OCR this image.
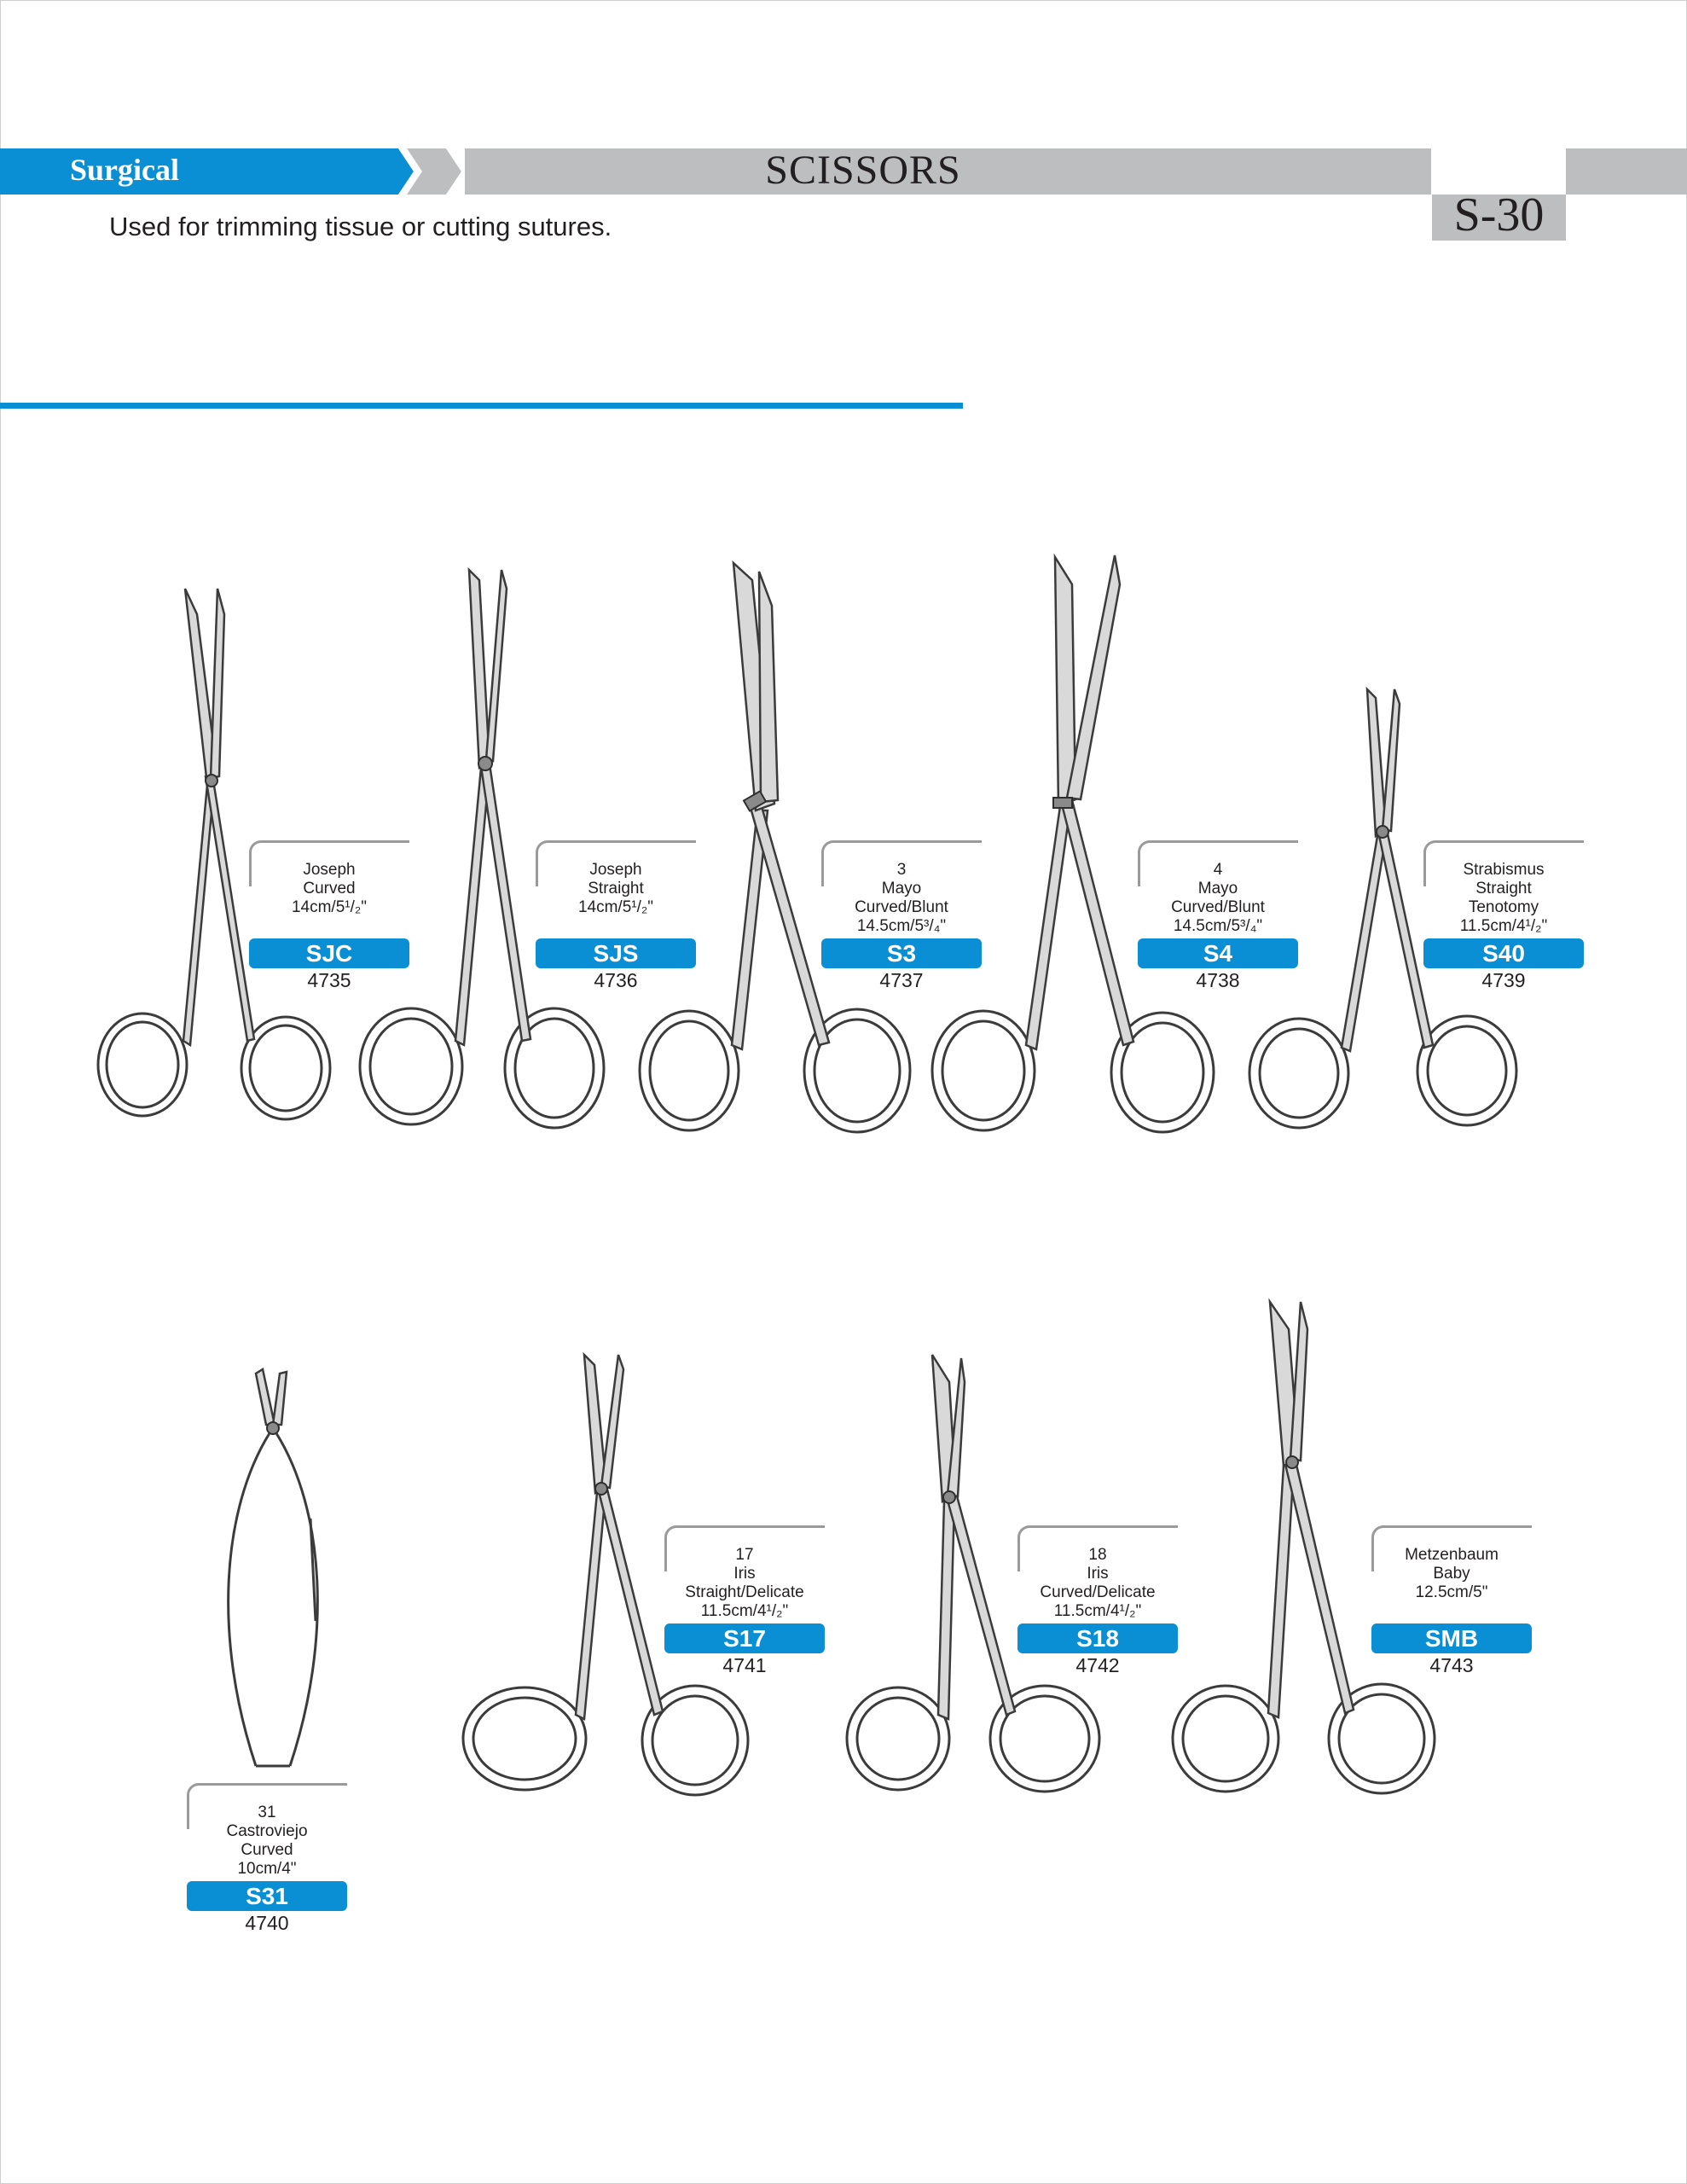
Surgical	SCISSORS
S-30
Used for trimming tissue or cutting sutures.
Joseph
Curved
14cm/5¹/₂"
SJC
4735
Joseph
Straight
14cm/5¹/₂"
SJS
4736
3
Mayo
Curved/Blunt
14.5cm/5³/₄"
S3
4737
4
Mayo
Curved/Blunt
14.5cm/5³/₄"
S4
4738
Strabismus
Straight
Tenotomy
11.5cm/4¹/₂"
S40
4739
31
Castroviejo
Curved
10cm/4"
S31
4740
17
Iris
Straight/Delicate
11.5cm/4¹/₂"
S17
4741
18
Iris
Curved/Delicate
11.5cm/4¹/₂"
S18
4742
Metzenbaum
Baby
12.5cm/5"
SMB
4743
